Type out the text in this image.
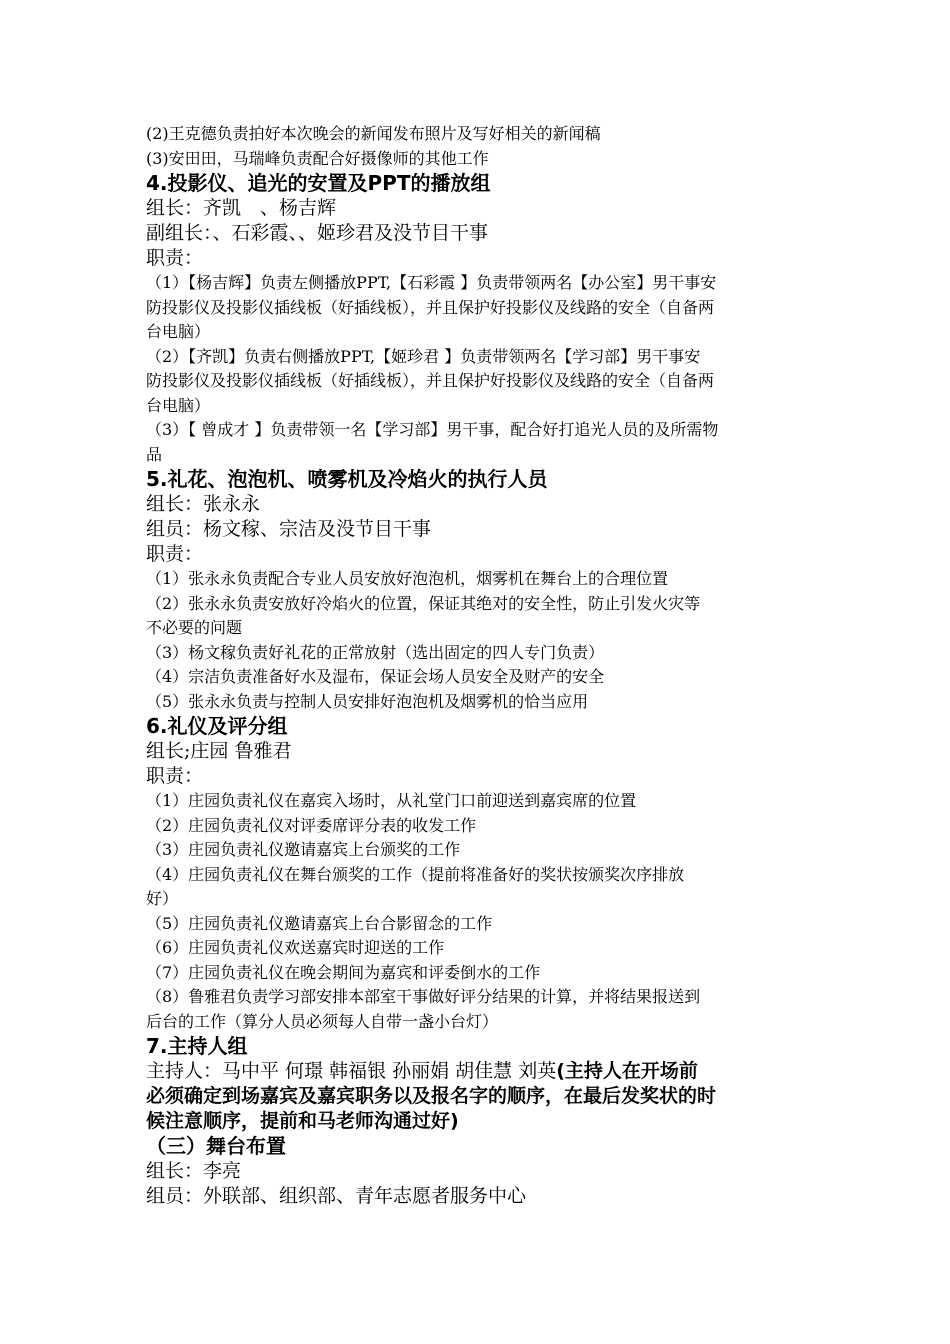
(2)王克德负责拍好本次晚会的新闻发布照片及写好相关的新闻稿

(3)安田田，马瑞峰负责配合好摄像师的其他工作

4.投影仪、追光的安置及PPT的播放组

组长：齐凯　、杨吉辉

副组长：、石彩霞、、姬珍君及没节目干事

职责：

（1）【杨吉辉】负责左侧播放PPT,【石彩霞 】负责带领两名【办公室】男干事安

防投影仪及投影仪插线板（好插线板），并且保护好投影仪及线路的安全（自备两

台电脑）

（2）【齐凯】负责右侧播放PPT,【姬珍君 】负责带领两名【学习部】男干事安

防投影仪及投影仪插线板（好插线板），并且保护好投影仪及线路的安全（自备两

台电脑）

（3）【 曾成才 】负责带领一名【学习部】男干事，配合好打追光人员的及所需物

品

5.礼花、泡泡机、喷雾机及冷焰火的执行人员

组长：张永永

组员：杨文稼、宗洁及没节目干事

职责：

（1）张永永负责配合专业人员安放好泡泡机，烟雾机在舞台上的合理位置

（2）张永永负责安放好冷焰火的位置，保证其绝对的安全性，防止引发火灾等

不必要的问题

（3）杨文稼负责好礼花的正常放射（选出固定的四人专门负责）

（4）宗洁负责准备好水及湿布，保证会场人员安全及财产的安全

（5）张永永负责与控制人员安排好泡泡机及烟雾机的恰当应用

6.礼仪及评分组

组长;庄园 鲁雅君

职责：

（1）庄园负责礼仪在嘉宾入场时，从礼堂门口前迎送到嘉宾席的位置

（2）庄园负责礼仪对评委席评分表的收发工作

（3）庄园负责礼仪邀请嘉宾上台颁奖的工作

（4）庄园负责礼仪在舞台颁奖的工作（提前将准备好的奖状按颁奖次序排放

好）

（5）庄园负责礼仪邀请嘉宾上台合影留念的工作

（6）庄园负责礼仪欢送嘉宾时迎送的工作

（7）庄园负责礼仪在晚会期间为嘉宾和评委倒水的工作

（8）鲁雅君负责学习部安排本部室干事做好评分结果的计算，并将结果报送到

后台的工作（算分人员必须每人自带一盏小台灯）

7.主持人组

主持人：马中平 何璟 韩福银 孙丽娟 胡佳慧 刘英(主持人在开场前

必须确定到场嘉宾及嘉宾职务以及报名字的顺序，在最后发奖状的时

候注意顺序，提前和马老师沟通过好)

（三）舞台布置

组长：李亮

组员：外联部、组织部、青年志愿者服务中心
